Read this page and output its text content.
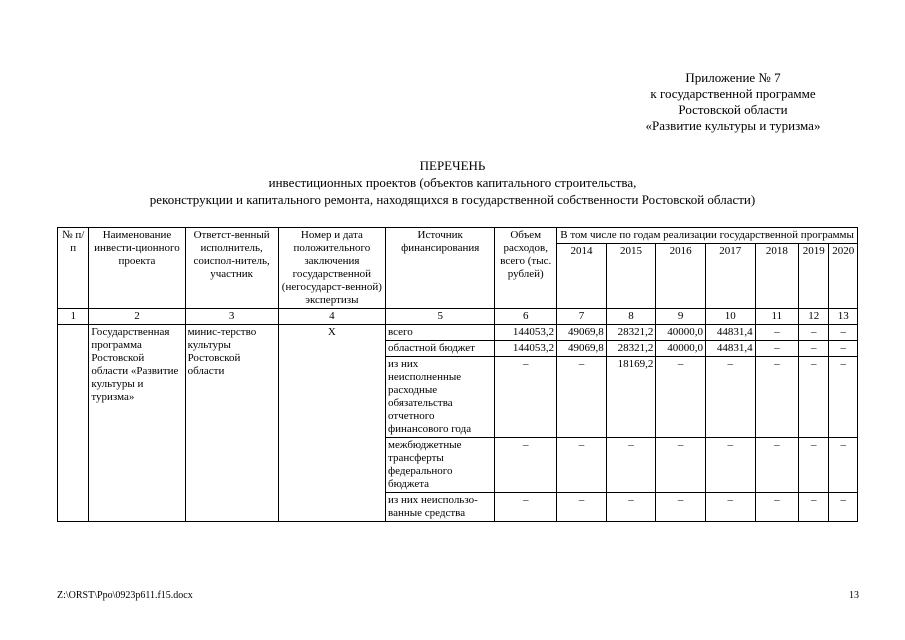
Приложение № 7
к государственной программе
Ростовской области
«Развитие культуры и туризма»
ПЕРЕЧЕНЬ
инвестиционных проектов (объектов капитального строительства,
реконструкции и капитального ремонта, находящихся в государственной собственности Ростовской области)
№ п/п	Наименование инвести-ционного проекта	Ответст-венный исполнитель, соиспол-нитель, участник	Номер и дата положительного заключения государственной (негосударст-венной) экспертизы	Источник финансирования	Объем расходов, всего (тыс. рублей)	В том числе по годам реализации государственной программы						
						2014	2015	2016	2017	2018	2019	2020
1	2	3	4	5	6	7	8	9	10	11	12	13
	Государственная программа Ростовской области «Развитие культуры и туризма»	минис-терство культуры Ростовской области	Х	всего	144053,2	49069,8	28321,2	40000,0	44831,4	–	–	–
				областной бюджет	144053,2	49069,8	28321,2	40000,0	44831,4	–	–	–
				из них неисполненные расходные обязательства отчетного финансового года	–	–	18169,2	–	–	–	–	–
				межбюджетные трансферты федерального бюджета	–	–	–	–	–	–	–	–
				из них неиспользо-ванные средства	–	–	–	–	–	–	–	–
Z:\ORST\Ppo\0923p611.f15.docx	13
